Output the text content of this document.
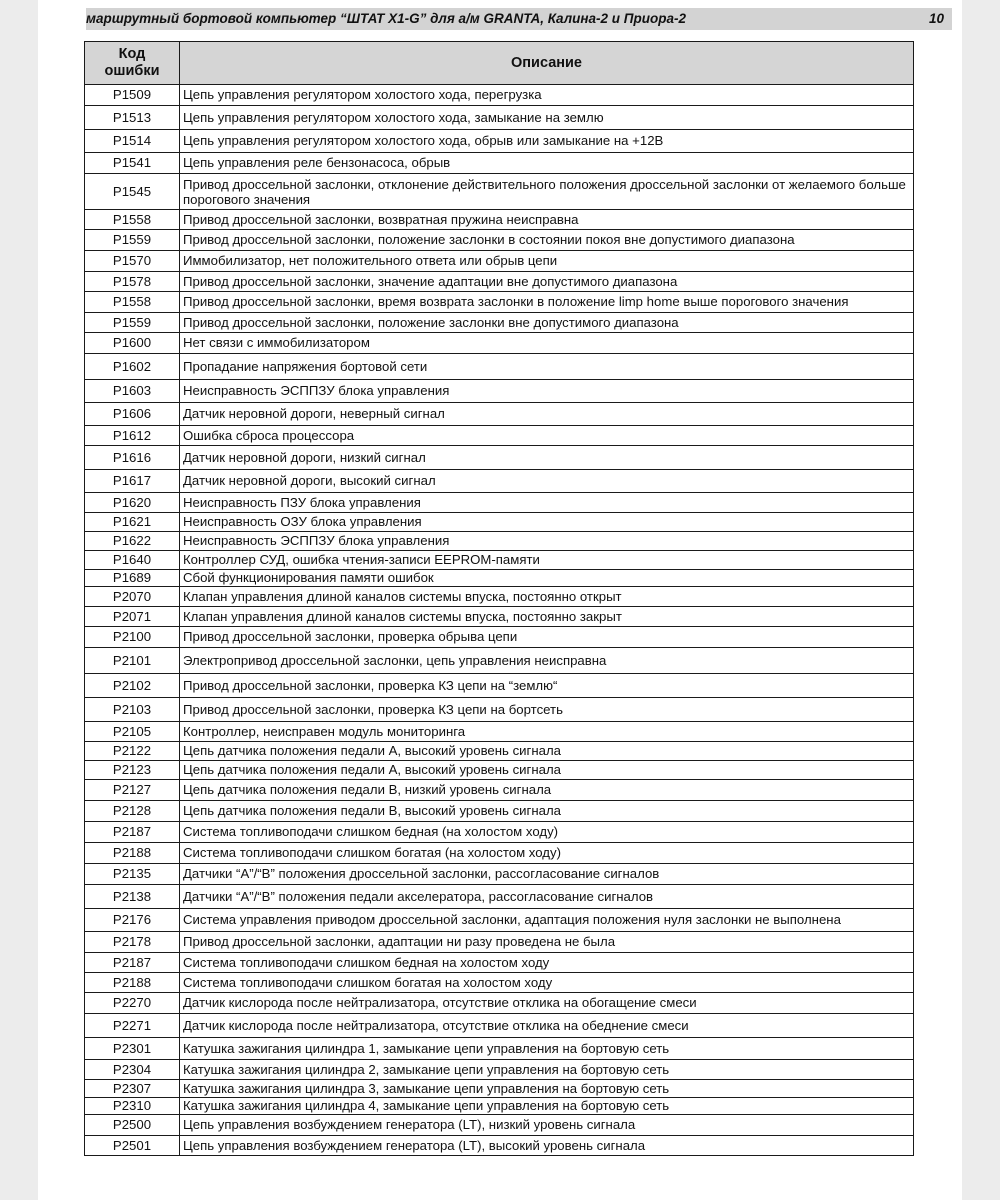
маршрутный бортовой компьютер “ШТАТ X1-G” для а/м GRANTA, Калина-2 и Приора-2	10
Код
ошибки	Описание
P1509	Цепь управления регулятором холостого хода, перегрузка
P1513	Цепь управления регулятором холостого хода, замыкание на землю
P1514	Цепь управления регулятором холостого хода, обрыв или замыкание на +12В
P1541	Цепь управления реле бензонасоса, обрыв
P1545	Привод дроссельной заслонки, отклонение действительного положения дроссельной заслонки от желаемого больше порогового значения
P1558	Привод дроссельной заслонки, возвратная пружина неисправна
P1559	Привод дроссельной заслонки, положение заслонки в состоянии покоя вне допустимого диапазона
P1570	Иммобилизатор, нет положительного ответа или обрыв цепи
P1578	Привод дроссельной заслонки, значение адаптации вне допустимого диапазона
P1558	Привод дроссельной заслонки, время возврата заслонки в положение limp home выше порогового значения
P1559	Привод дроссельной заслонки, положение заслонки вне допустимого диапазона
P1600	Нет связи с иммобилизатором
P1602	Пропадание напряжения бортовой сети
P1603	Неисправность ЭСППЗУ блока управления
P1606	Датчик неровной дороги, неверный сигнал
P1612	Ошибка сброса процессора
P1616	Датчик неровной дороги, низкий сигнал
P1617	Датчик неровной дороги, высокий сигнал
P1620	Неисправность ПЗУ блока управления
P1621	Неисправность ОЗУ блока управления
P1622	Неисправность ЭСППЗУ блока управления
P1640	Контроллер СУД, ошибка чтения-записи EEPROM-памяти
P1689	Сбой функционирования памяти ошибок
P2070	Клапан управления длиной каналов системы впуска, постоянно открыт
P2071	Клапан управления длиной каналов системы впуска, постоянно закрыт
P2100	Привод дроссельной заслонки, проверка обрыва цепи
P2101	Электропривод дроссельной заслонки, цепь управления неисправна
P2102	Привод дроссельной заслонки, проверка КЗ цепи на “землю“
P2103	Привод дроссельной заслонки, проверка КЗ цепи на бортсеть
P2105	Контроллер, неисправен модуль мониторинга
P2122	Цепь датчика положения педали А, высокий уровень сигнала
P2123	Цепь датчика положения педали А, высокий уровень сигнала
P2127	Цепь датчика положения педали В, низкий уровень сигнала
P2128	Цепь датчика положения педали В, высокий уровень сигнала
P2187	Система топливоподачи слишком бедная (на холостом ходу)
P2188	Система топливоподачи слишком богатая (на холостом ходу)
P2135	Датчики “А”/“В” положения дроссельной заслонки, рассогласование сигналов
P2138	Датчики “А”/“В” положения педали акселератора, рассогласование сигналов
P2176	Система управления приводом дроссельной заслонки, адаптация положения нуля заслонки не выполнена
P2178	Привод дроссельной заслонки, адаптации ни разу проведена не была
P2187	Система топливоподачи слишком бедная на холостом ходу
P2188	Система топливоподачи слишком богатая на холостом ходу
P2270	Датчик кислорода после нейтрализатора, отсутствие отклика на обогащение смеси
P2271	Датчик кислорода после нейтрализатора, отсутствие отклика на обеднение смеси
P2301	Катушка зажигания цилиндра 1, замыкание цепи управления на бортовую сеть
P2304	Катушка зажигания цилиндра 2, замыкание цепи управления на бортовую сеть
P2307	Катушка зажигания цилиндра 3, замыкание цепи управления на бортовую сеть
P2310	Катушка зажигания цилиндра 4, замыкание цепи управления на бортовую сеть
P2500	Цепь управления возбуждением генератора (LT), низкий уровень сигнала
P2501	Цепь управления возбуждением генератора (LT), высокий уровень сигнала
